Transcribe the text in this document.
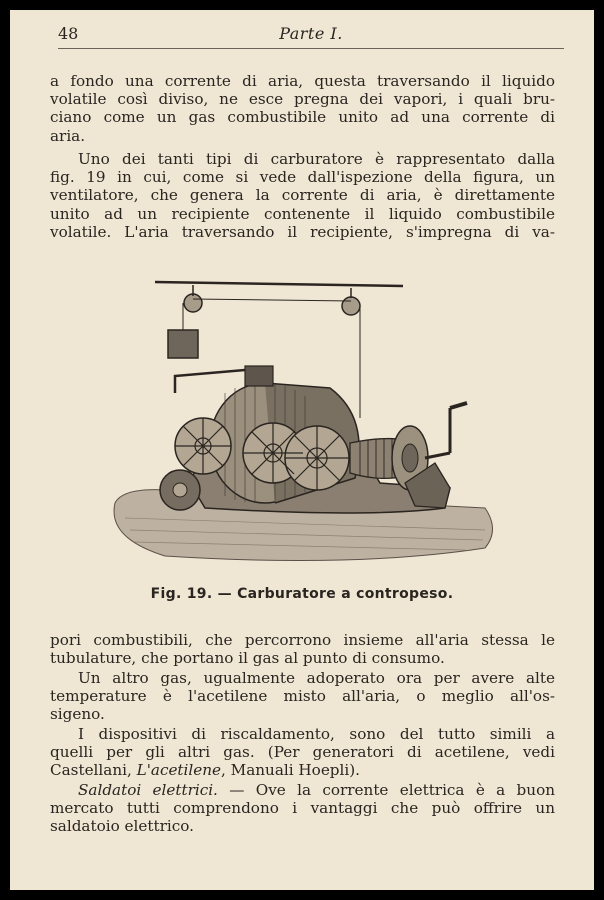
48	Parte I.
a fondo una corrente di aria, questa traversando il liquido
volatile così diviso, ne esce pregna dei vapori, i quali bru-
ciano come un gas combustibile unito ad una corrente di
aria.
Uno dei tanti tipi di carburatore è rappresentato dalla
fig. 19 in cui, come si vede dall'ispezione della figura, un
ventilatore, che genera la corrente di aria, è direttamente
unito ad un recipiente contenente il liquido combustibile
volatile. L'aria traversando il recipiente, s'impregna di va-
Fig. 19. — Carburatore a contropeso.
pori combustibili, che percorrono insieme all'aria stessa le
tubulature, che portano il gas al punto di consumo.
Un altro gas, ugualmente adoperato ora per avere alte
temperature è l'acetilene misto all'aria, o meglio all'os-
sigeno.
I dispositivi di riscaldamento, sono del tutto simili a
quelli per gli altri gas. (Per generatori di acetilene, vedi
Castellani, L'acetilene, Manuali Hoepli).
Saldatoi elettrici. — Ove la corrente elettrica è a buon
mercato tutti comprendono i vantaggi che può offrire un
saldatoio elettrico.
